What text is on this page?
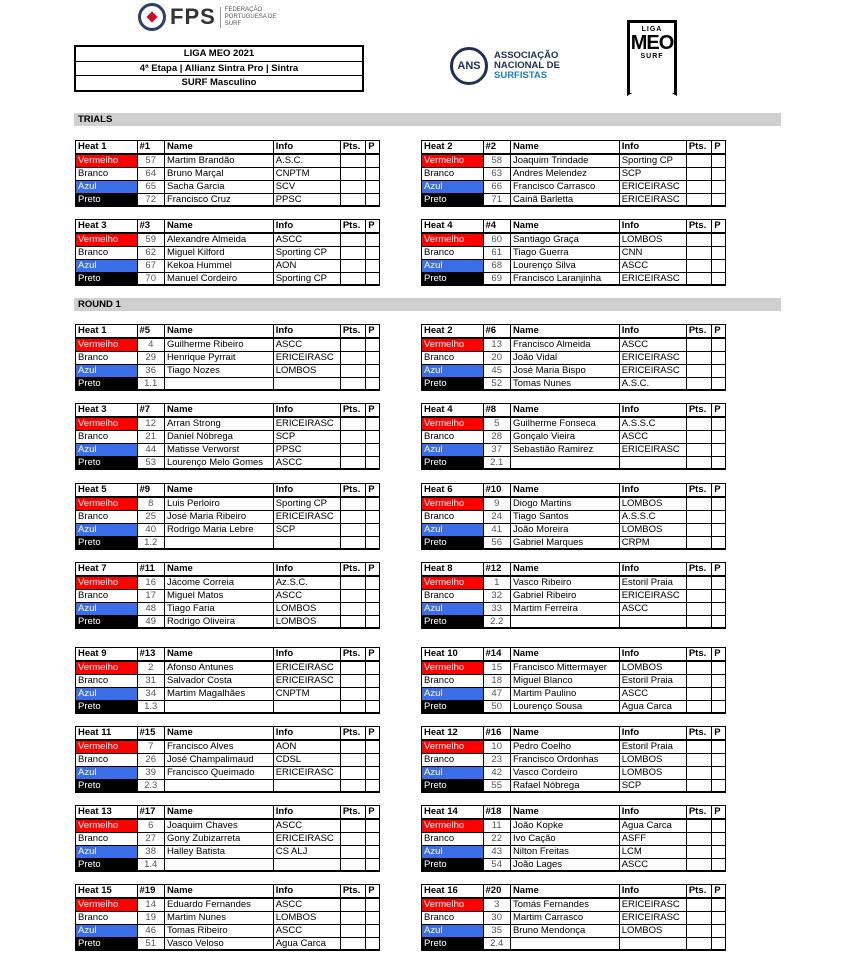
FPS	FEDERAÇÃO PORTUGUESA DE SURF
LIGA MEO 2021
4ª Etapa | Allianz Sintra Pro | Sintra
SURF Masculino
ANS
ASSOCIAÇÃO
NACIONAL DE
SURFISTAS
LIGA
MEO
SURF
TRIALS
Heat 1	#1	Name	Info	Pts.	P
Vermelho	57	Martim Brandão	A.S.C.		
Branco	64	Bruno Marçal	CNPTM		
Azul	65	Sacha Garcia	SCV		
Preto	72	Francisco Cruz	PPSC		
Heat 2	#2	Name	Info	Pts.	P
Vermelho	58	Joaquim Trindade	Sporting CP		
Branco	63	Andres Melendez	SCP		
Azul	66	Francisco Carrasco	ERICEIRASC		
Preto	71	Cainã Barletta	ERICEIRASC		
Heat 3	#3	Name	Info	Pts.	P
Vermelho	59	Alexandre Almeida	ASCC		
Branco	62	Miguel Kilford	Sporting CP		
Azul	67	Kekoa Hummel	AON		
Preto	70	Manuel Cordeiro	Sporting CP		
Heat 4	#4	Name	Info	Pts.	P
Vermelho	60	Santiago Graça	LOMBOS		
Branco	61	Tiago Guerra	CNN		
Azul	68	Lourenço Silva	ASCC		
Preto	69	Francisco Laranjinha	ERICEIRASC		
ROUND 1
Heat 1	#5	Name	Info	Pts.	P
Vermelho	4	Guilherme Ribeiro	ASCC		
Branco	29	Henrique Pyrrait	ERICEIRASC		
Azul	36	Tiago Nozes	LOMBOS		
Preto	1.1				
Heat 2	#6	Name	Info	Pts.	P
Vermelho	13	Francisco Almeida	ASCC		
Branco	20	João Vidal	ERICEIRASC		
Azul	45	José Maria Bispo	ERICEIRASC		
Preto	52	Tomas Nunes	A.S.C.		
Heat 3	#7	Name	Info	Pts.	P
Vermelho	12	Arran Strong	ERICEIRASC		
Branco	21	Daniel Nóbrega	SCP		
Azul	44	Matisse Verworst	PPSC		
Preto	53	Lourenço Melo Gomes	ASCC		
Heat 4	#8	Name	Info	Pts.	P
Vermelho	5	Guilherme Fonseca	A.S.S.C		
Branco	28	Gonçalo Vieira	ASCC		
Azul	37	Sebastião Ramirez	ERICEIRASC		
Preto	2.1				
Heat 5	#9	Name	Info	Pts.	P
Vermelho	8	Luis Perloiro	Sporting CP		
Branco	25	José Maria Ribeiro	ERICEIRASC		
Azul	40	Rodrigo Maria Lebre	SCP		
Preto	1.2				
Heat 6	#10	Name	Info	Pts.	P
Vermelho	9	Diogo Martins	LOMBOS		
Branco	24	Tiago Santos	A.S.S.C		
Azul	41	João Moreira	LOMBOS		
Preto	56	Gabriel Marques	CRPM		
Heat 7	#11	Name	Info	Pts.	P
Vermelho	16	Jácome Correia	Az.S.C.		
Branco	17	Miguel Matos	ASCC		
Azul	48	Tiago Faria	LOMBOS		
Preto	49	Rodrigo Oliveira	LOMBOS		
Heat 8	#12	Name	Info	Pts.	P
Vermelho	1	Vasco Ribeiro	Estoril Praia		
Branco	32	Gabriel Ribeiro	ERICEIRASC		
Azul	33	Martim Ferreira	ASCC		
Preto	2.2				
Heat 9	#13	Name	Info	Pts.	P
Vermelho	2	Afonso Antunes	ERICEIRASC		
Branco	31	Salvador Costa	ERICEIRASC		
Azul	34	Martim Magalhães	CNPTM		
Preto	1.3				
Heat 10	#14	Name	Info	Pts.	P
Vermelho	15	Francisco Mittermayer	LOMBOS		
Branco	18	Miguel Blanco	Estoril Praia		
Azul	47	Martim Paulino	ASCC		
Preto	50	Lourenço Sousa	Agua Carca		
Heat 11	#15	Name	Info	Pts.	P
Vermelho	7	Francisco Alves	AON		
Branco	26	José Champalimaud	CDSL		
Azul	39	Francisco Queimado	ERICEIRASC		
Preto	2.3				
Heat 12	#16	Name	Info	Pts.	P
Vermelho	10	Pedro Coelho	Estoril Praia		
Branco	23	Francisco Ordonhas	LOMBOS		
Azul	42	Vasco Cordeiro	LOMBOS		
Preto	55	Rafael Nóbrega	SCP		
Heat 13	#17	Name	Info	Pts.	P
Vermelho	6	Joaquim Chaves	ASCC		
Branco	27	Gony Zubizarreta	ERICEIRASC		
Azul	38	Halley Batista	CS ALJ		
Preto	1.4				
Heat 14	#18	Name	Info	Pts.	P
Vermelho	11	João Kopke	Agua Carca		
Branco	22	Ivo Cação	ASFF		
Azul	43	Nilton Freitas	LCM		
Preto	54	João Lages	ASCC		
Heat 15	#19	Name	Info	Pts.	P
Vermelho	14	Eduardo Fernandes	ASCC		
Branco	19	Martim Nunes	LOMBOS		
Azul	46	Tomas Ribeiro	ASCC		
Preto	51	Vasco Veloso	Agua Carca		
Heat 16	#20	Name	Info	Pts.	P
Vermelho	3	Tomás Fernandes	ERICEIRASC		
Branco	30	Martim Carrasco	ERICEIRASC		
Azul	35	Bruno Mendonça	LOMBOS		
Preto	2.4				
